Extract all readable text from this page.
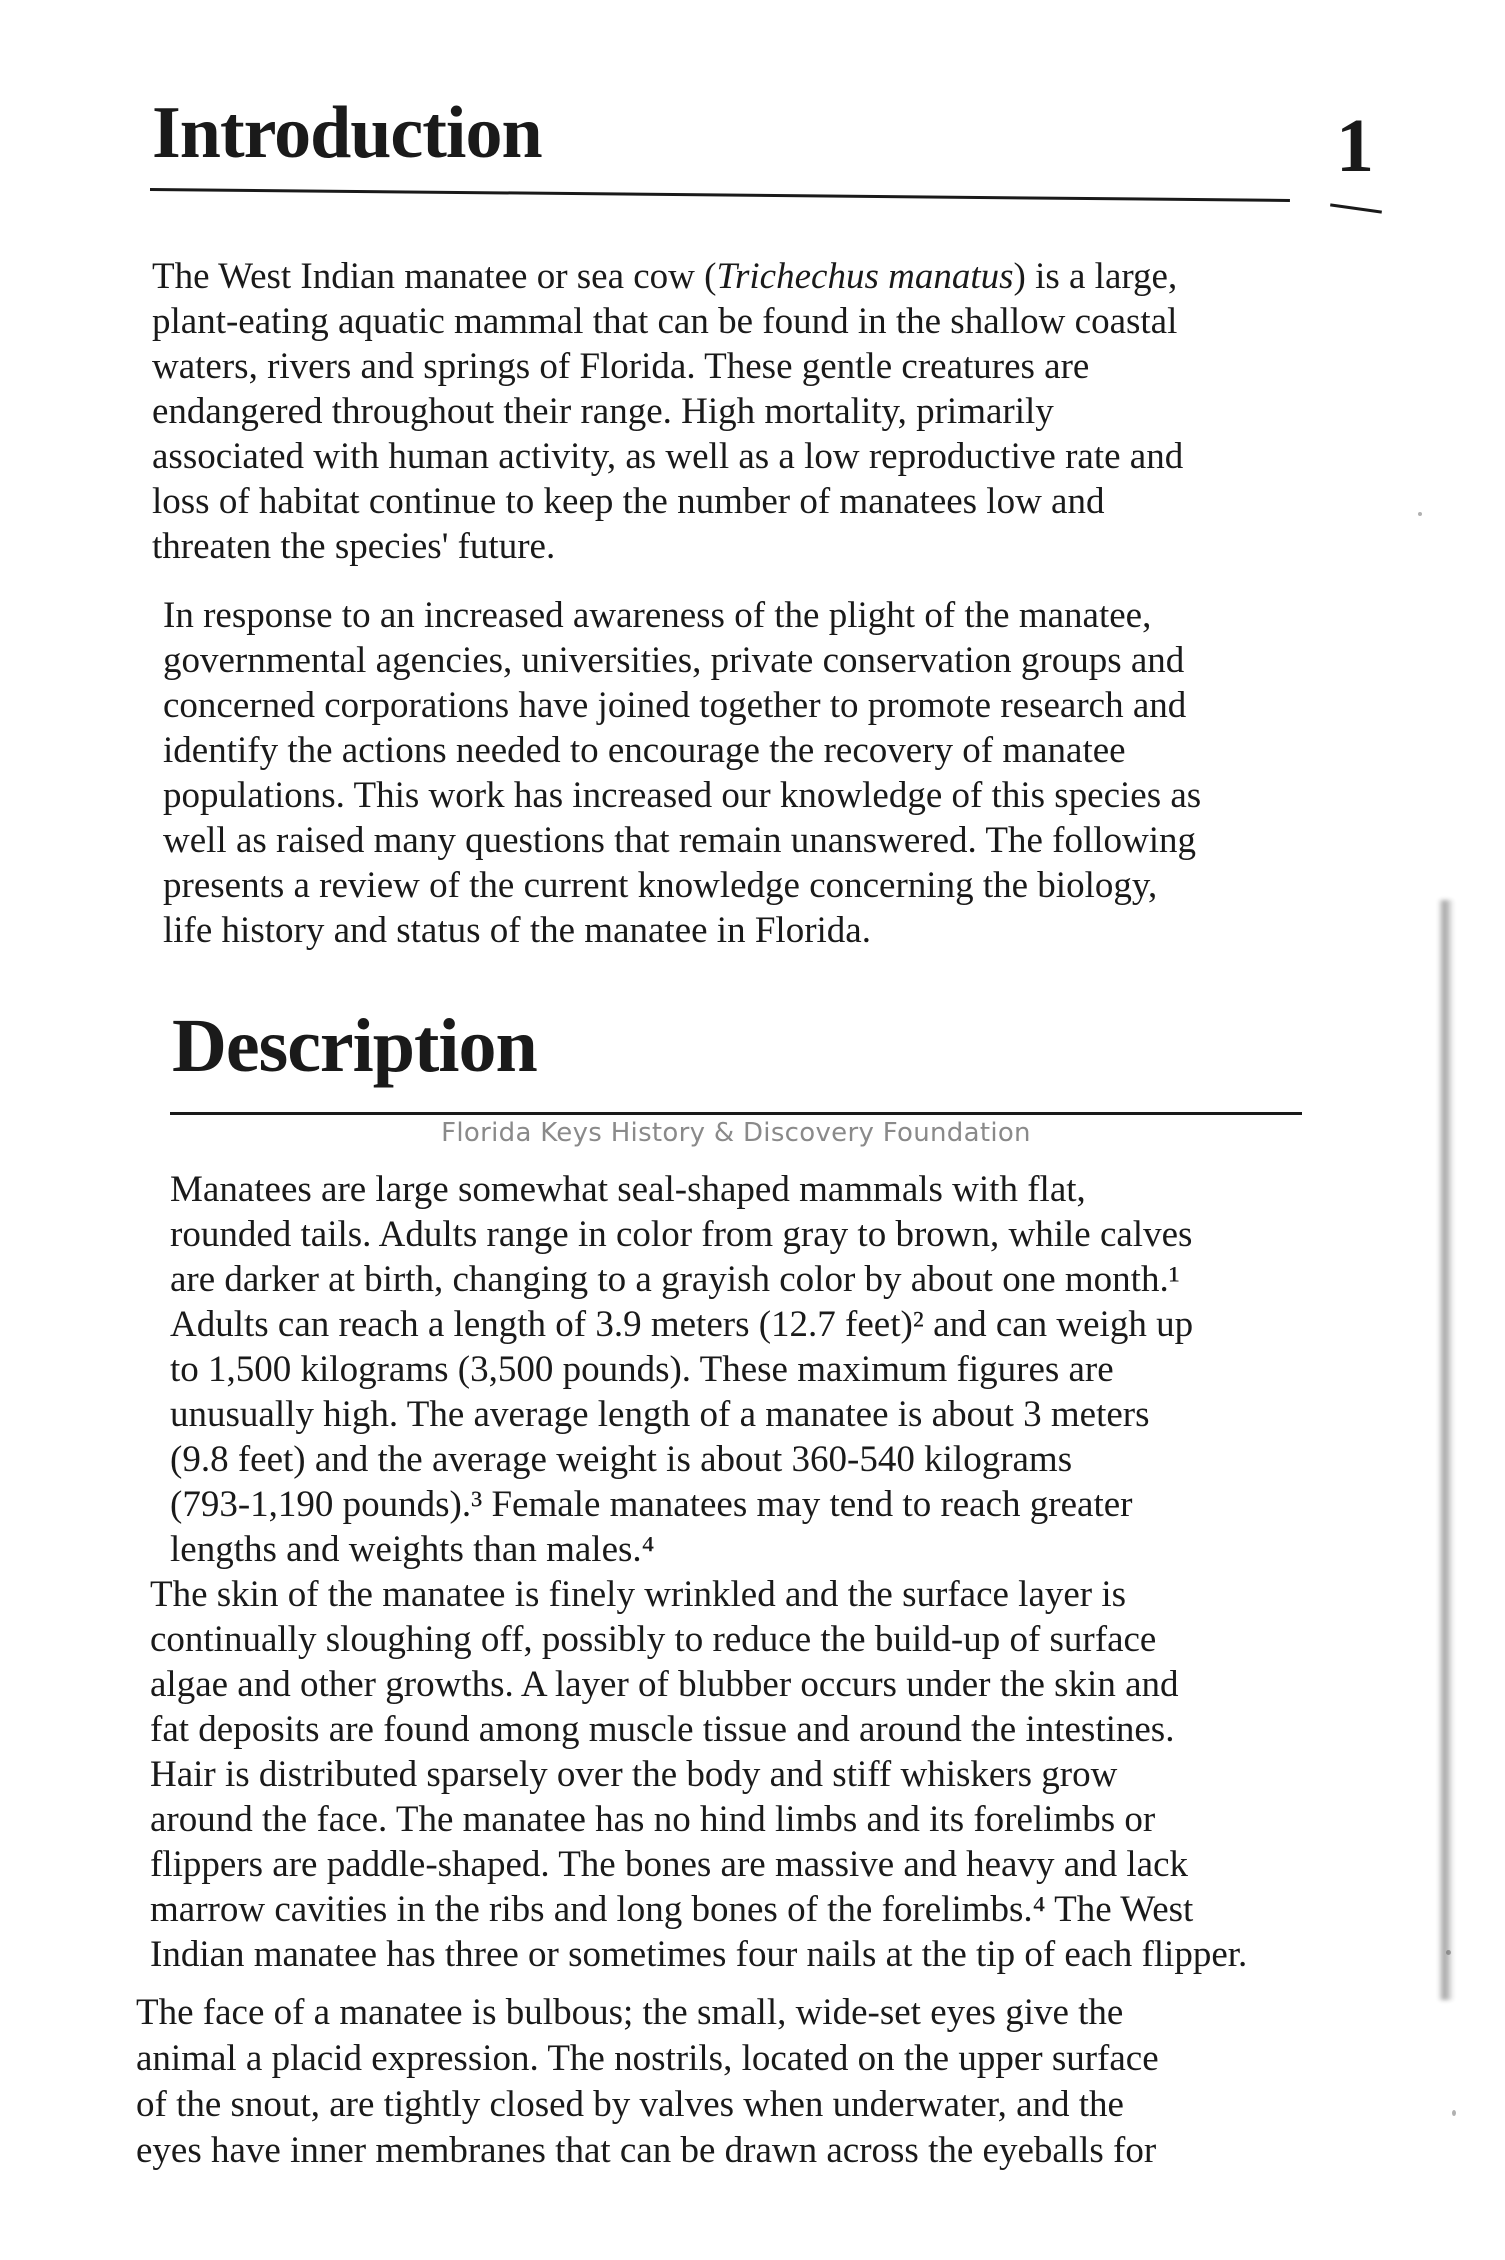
Introduction	1

The West Indian manatee or sea cow (Trichechus manatus) is a large,
plant-eating aquatic mammal that can be found in the shallow coastal
waters, rivers and springs of Florida. These gentle creatures are
endangered throughout their range. High mortality, primarily
associated with human activity, as well as a low reproductive rate and
loss of habitat continue to keep the number of manatees low and
threaten the species' future.

In response to an increased awareness of the plight of the manatee,
governmental agencies, universities, private conservation groups and
concerned corporations have joined together to promote research and
identify the actions needed to encourage the recovery of manatee
populations. This work has increased our knowledge of this species as
well as raised many questions that remain unanswered. The following
presents a review of the current knowledge concerning the biology,
life history and status of the manatee in Florida.

Description
Florida Keys History & Discovery Foundation

Manatees are large somewhat seal-shaped mammals with flat,
rounded tails. Adults range in color from gray to brown, while calves
are darker at birth, changing to a grayish color by about one month.¹
Adults can reach a length of 3.9 meters (12.7 feet)² and can weigh up
to 1,500 kilograms (3,500 pounds). These maximum figures are
unusually high. The average length of a manatee is about 3 meters
(9.8 feet) and the average weight is about 360-540 kilograms
(793-1,190 pounds).³ Female manatees may tend to reach greater
lengths and weights than males.⁴

The skin of the manatee is finely wrinkled and the surface layer is
continually sloughing off, possibly to reduce the build-up of surface
algae and other growths. A layer of blubber occurs under the skin and
fat deposits are found among muscle tissue and around the intestines.
Hair is distributed sparsely over the body and stiff whiskers grow
around the face. The manatee has no hind limbs and its forelimbs or
flippers are paddle-shaped. The bones are massive and heavy and lack
marrow cavities in the ribs and long bones of the forelimbs.⁴ The West
Indian manatee has three or sometimes four nails at the tip of each flipper.

The face of a manatee is bulbous; the small, wide-set eyes give the
animal a placid expression. The nostrils, located on the upper surface
of the snout, are tightly closed by valves when underwater, and the
eyes have inner membranes that can be drawn across the eyeballs for
